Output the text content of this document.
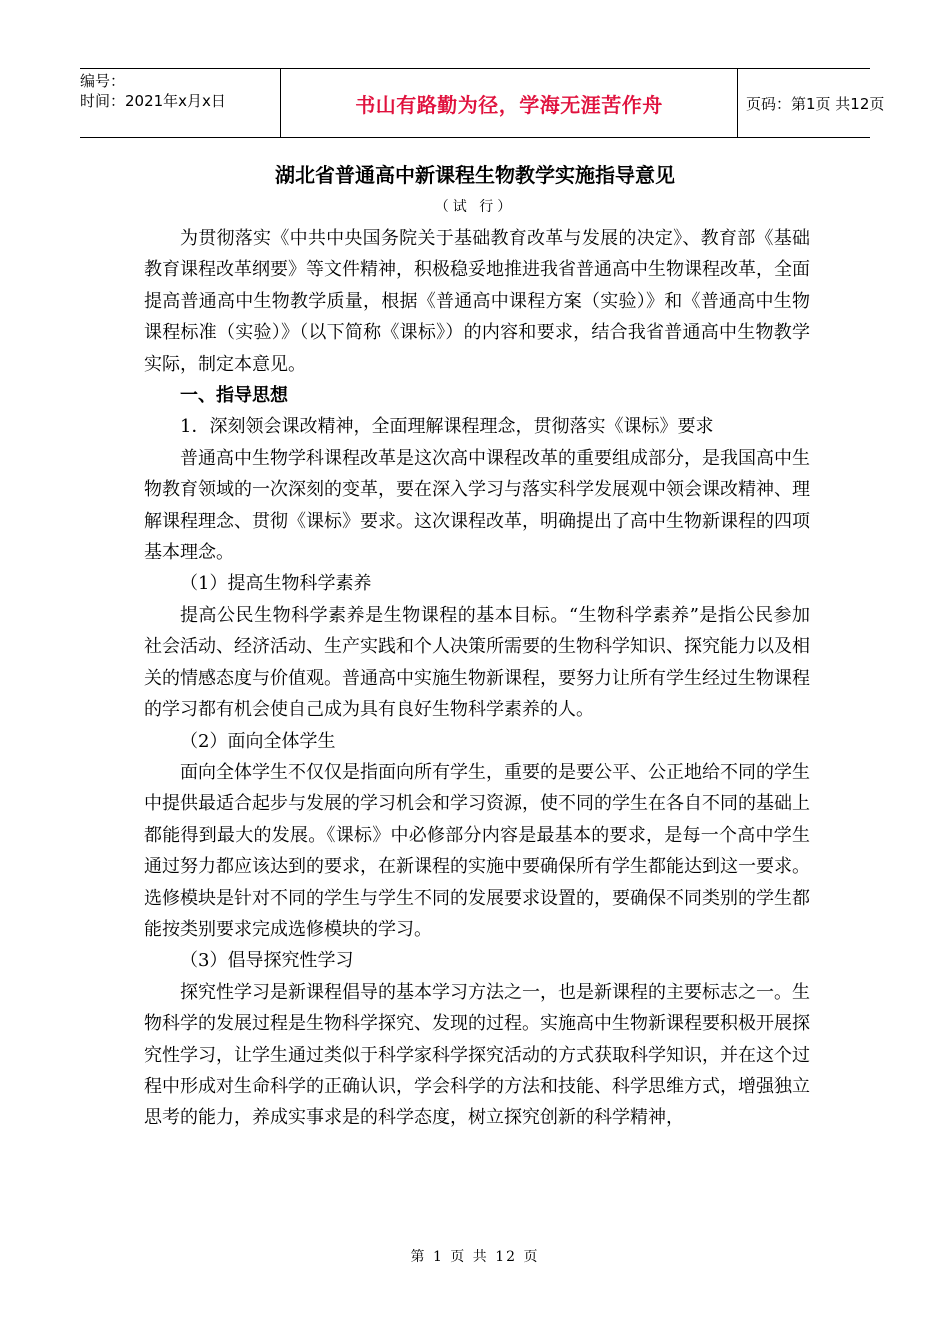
编号：
时间：2021年x月x日	书山有路勤为径，学海无涯苦作舟	页码：第1页 共12页
湖北省普通高中新课程生物教学实施指导意见
（试 行）

为贯彻落实《中共中央国务院关于基础教育改革与发展的决定》、教育部《基础教育课程改革纲要》等文件精神，积极稳妥地推进我省普通高中生物课程改革，全面提高普通高中生物教学质量，根据《普通高中课程方案（实验）》和《普通高中生物课程标准（实验）》（以下简称《课标》）的内容和要求，结合我省普通高中生物教学实际，制定本意见。

一、指导思想

1．深刻领会课改精神，全面理解课程理念，贯彻落实《课标》要求

普通高中生物学科课程改革是这次高中课程改革的重要组成部分，是我国高中生物教育领域的一次深刻的变革，要在深入学习与落实科学发展观中领会课改精神、理解课程理念、贯彻《课标》要求。这次课程改革，明确提出了高中生物新课程的四项基本理念。

（1）提高生物科学素养

提高公民生物科学素养是生物课程的基本目标。“生物科学素养”是指公民参加社会活动、经济活动、生产实践和个人决策所需要的生物科学知识、探究能力以及相关的情感态度与价值观。普通高中实施生物新课程，要努力让所有学生经过生物课程的学习都有机会使自己成为具有良好生物科学素养的人。

（2）面向全体学生

面向全体学生不仅仅是指面向所有学生，重要的是要公平、公正地给不同的学生中提供最适合起步与发展的学习机会和学习资源，使不同的学生在各自不同的基础上都能得到最大的发展。《课标》中必修部分内容是最基本的要求，是每一个高中学生通过努力都应该达到的要求，在新课程的实施中要确保所有学生都能达到这一要求。选修模块是针对不同的学生与学生不同的发展要求设置的，要确保不同类别的学生都能按类别要求完成选修模块的学习。

（3）倡导探究性学习

探究性学习是新课程倡导的基本学习方法之一，也是新课程的主要标志之一。生物科学的发展过程是生物科学探究、发现的过程。实施高中生物新课程要积极开展探究性学习，让学生通过类似于科学家科学探究活动的方式获取科学知识，并在这个过程中形成对生命科学的正确认识，学会科学的方法和技能、科学思维方式，增强独立思考的能力，养成实事求是的科学态度，树立探究创新的科学精神，

第 1 页 共 12 页
